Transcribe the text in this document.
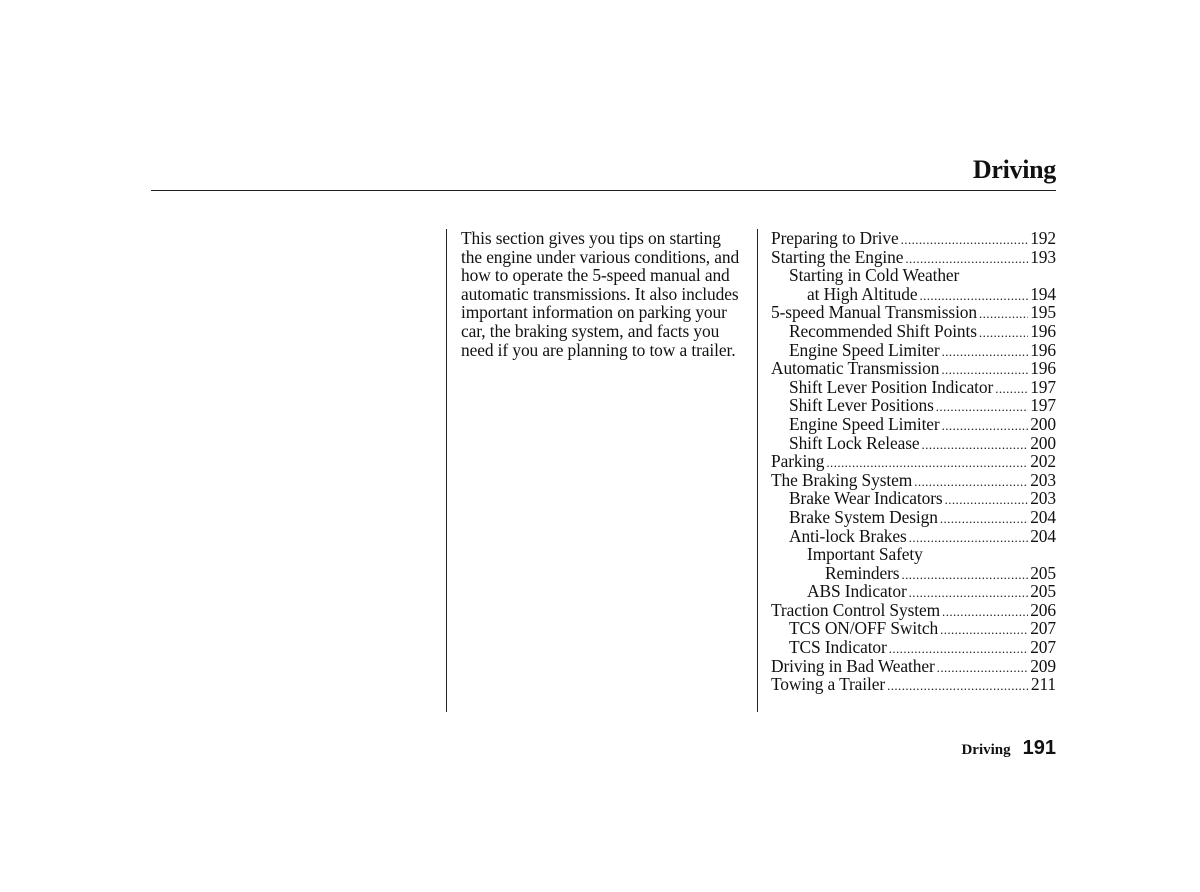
Driving

This section gives you tips on starting the engine under various conditions, and how to operate the 5-speed manual and automatic transmissions. It also includes important information on parking your car, the braking system, and facts you need if you are planning to tow a trailer.

Preparing to Drive .....	192
Starting the Engine .....	193
Starting in Cold Weather
at High Altitude .....	194
5-speed Manual Transmission .....	195
Recommended Shift Points .....	196
Engine Speed Limiter .....	196
Automatic Transmission .....	196
Shift Lever Position Indicator ..... 197
Shift Lever Positions .....	197
Engine Speed Limiter .....	200
Shift Lock Release .....	200
Parking .....	202
The Braking System .....	203
Brake Wear Indicators .....	203
Brake System Design .....	204
Anti-lock Brakes .....	204
Important Safety
Reminders .....	205
ABS Indicator .....	205
Traction Control System .....	206
TCS ON/OFF Switch .....	207
TCS Indicator .....	207
Driving in Bad Weather .....	209
Towing a Trailer .....	211
Driving 191
